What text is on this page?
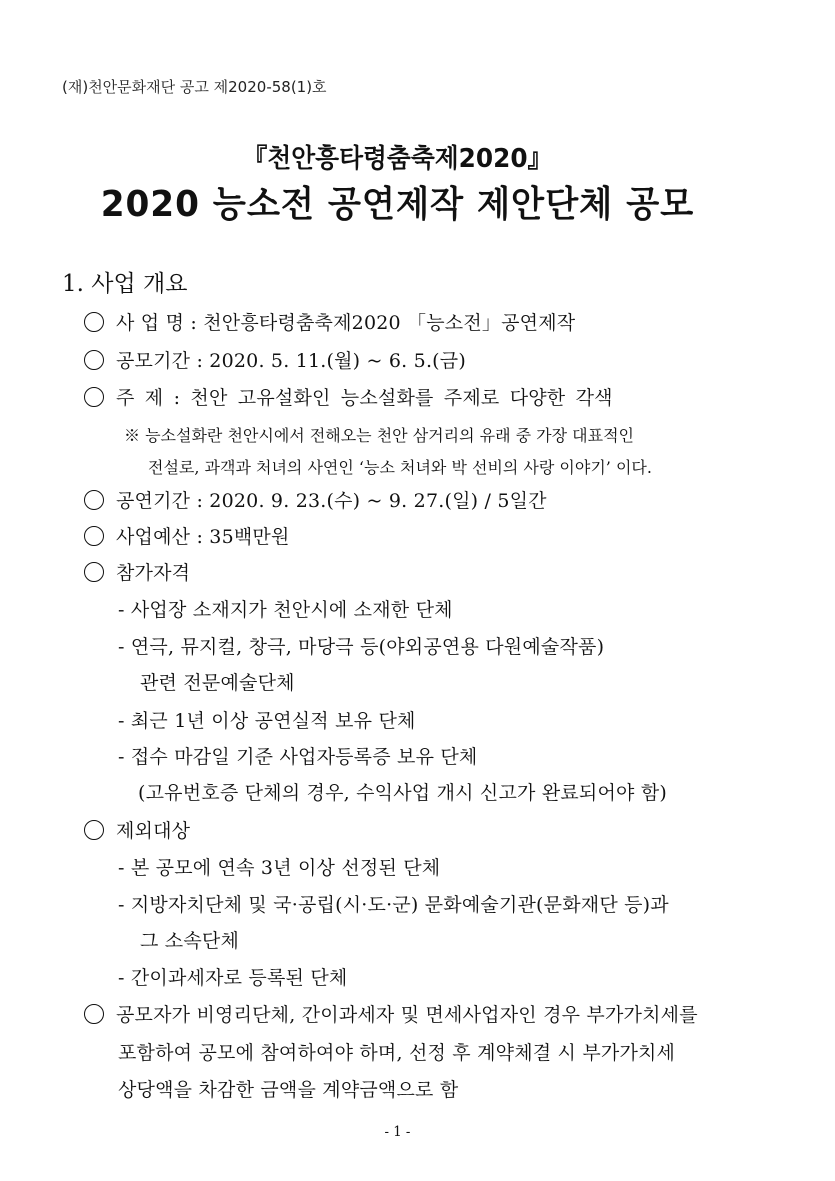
(재)천안문화재단 공고 제2020-58(1)호
『천안흥타령춤축제2020』
2020 능소전 공연제작 제안단체 공모
1. 사업 개요
사 업 명 : 천안흥타령춤축제2020 「능소전」공연제작
공모기간 : 2020. 5. 11.(월) ~ 6. 5.(금)
주 제 : 천안 고유설화인 능소설화를 주제로 다양한 각색
※ 능소설화란 천안시에서 전해오는 천안 삼거리의 유래 중 가장 대표적인
전설로, 과객과 처녀의 사연인 ‘능소 처녀와 박 선비의 사랑 이야기’ 이다.
공연기간 : 2020. 9. 23.(수) ~ 9. 27.(일) / 5일간
사업예산 : 35백만원
참가자격
- 사업장 소재지가 천안시에 소재한 단체
- 연극, 뮤지컬, 창극, 마당극 등(야외공연용 다원예술작품)
관련 전문예술단체
- 최근 1년 이상 공연실적 보유 단체
- 접수 마감일 기준 사업자등록증 보유 단체
(고유번호증 단체의 경우, 수익사업 개시 신고가 완료되어야 함)
제외대상
- 본 공모에 연속 3년 이상 선정된 단체
- 지방자치단체 및 국·공립(시·도·군) 문화예술기관(문화재단 등)과
그 소속단체
- 간이과세자로 등록된 단체
공모자가 비영리단체, 간이과세자 및 면세사업자인 경우 부가가치세를
포함하여 공모에 참여하여야 하며, 선정 후 계약체결 시 부가가치세
상당액을 차감한 금액을 계약금액으로 함
- 1 -
